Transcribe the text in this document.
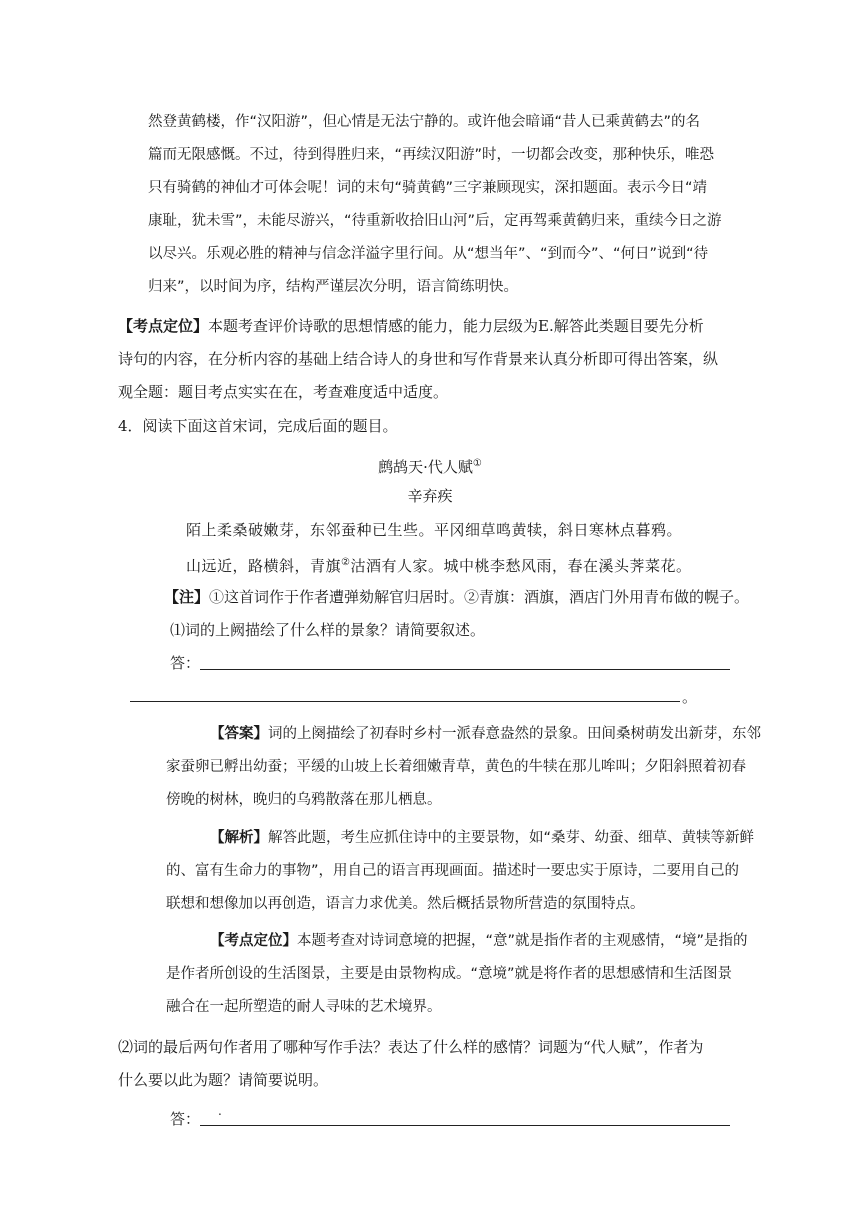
然登黄鹤楼，作“汉阳游”，但心情是无法宁静的。或许他会暗诵“昔人已乘黄鹤去”的名

篇而无限感慨。不过，待到得胜归来，“再续汉阳游”时，一切都会改变，那种快乐，唯恐

只有骑鹤的神仙才可体会呢！词的末句“骑黄鹤”三字兼顾现实，深扣题面。表示今日“靖

康耻，犹未雪”，未能尽游兴，“待重新收拾旧山河”后，定再驾乘黄鹤归来，重续今日之游

以尽兴。乐观必胜的精神与信念洋溢字里行间。从“想当年”、“到而今”、“何日”说到“待

归来”，以时间为序，结构严谨层次分明，语言简练明快。

【考点定位】本题考查评价诗歌的思想情感的能力，能力层级为E.解答此类题目要先分析

诗句的内容，在分析内容的基础上结合诗人的身世和写作背景来认真分析即可得出答案，纵

观全题：题目考点实实在在，考查难度适中适度。

4．阅读下面这首宋词，完成后面的题目。

鹧鸪天·代人赋①

辛弃疾

陌上柔桑破嫩芽，东邻蚕种已生些。平冈细草鸣黄犊，斜日寒林点暮鸦。

山远近，路横斜，青旗②沽酒有人家。城中桃李愁风雨，春在溪头荠菜花。

【注】①这首词作于作者遭弹劾解官归居时。②青旗：酒旗，酒店门外用青布做的幌子。

⑴词的上阙描绘了什么样的景象？请简要叙述。

答：
。

【答案】词的上阕描绘了初春时乡村一派春意盎然的景象。田间桑树萌发出新芽，东邻

家蚕卵已孵出幼蚕；平缓的山坡上长着细嫩青草，黄色的牛犊在那儿哞叫；夕阳斜照着初春

傍晚的树林，晚归的乌鸦散落在那儿栖息。

【解析】解答此题，考生应抓住诗中的主要景物，如“桑芽、幼蚕、细草、黄犊等新鲜

的、富有生命力的事物”，用自己的语言再现画面。描述时一要忠实于原诗，二要用自己的

联想和想像加以再创造，语言力求优美。然后概括景物所营造的氛围特点。

【考点定位】本题考查对诗词意境的把握，“意”就是指作者的主观感情，“境”是指的

是作者所创设的生活图景，主要是由景物构成。“意境”就是将作者的思想感情和生活图景

融合在一起所塑造的耐人寻味的艺术境界。

⑵词的最后两句作者用了哪种写作手法？表达了什么样的感情？词题为“代人赋”，作者为

什么要以此为题？请简要说明。

答： .
